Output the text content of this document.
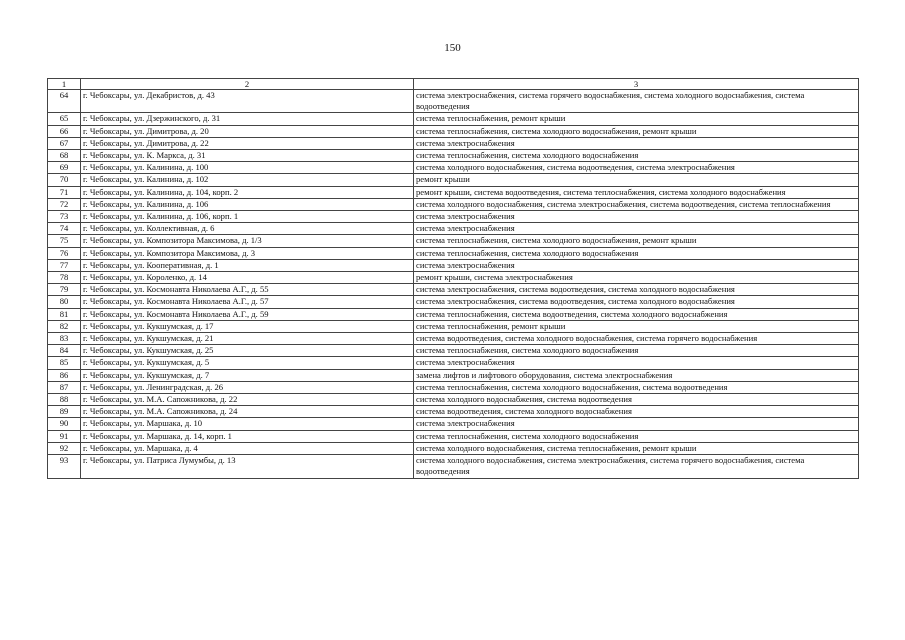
150
1	2	3
64	г. Чебоксары, ул. Декабристов, д. 43	система электроснабжения, система горячего водоснабжения, система холодного водоснабжения, система водоотведения
65	г. Чебоксары, ул. Дзержинского, д. 31	система теплоснабжения, ремонт крыши
66	г. Чебоксары, ул. Димитрова, д. 20	система теплоснабжения, система холодного водоснабжения, ремонт крыши
67	г. Чебоксары, ул. Димитрова, д. 22	система электроснабжения
68	г. Чебоксары, ул. К. Маркса, д. 31	система теплоснабжения, система холодного водоснабжения
69	г. Чебоксары, ул. Калинина, д. 100	система холодного водоснабжения, система водоотведения, система электроснабжения
70	г. Чебоксары, ул. Калинина, д. 102	ремонт крыши
71	г. Чебоксары, ул. Калинина, д. 104, корп. 2	ремонт крыши, система водоотведения, система теплоснабжения, система холодного водоснабжения
72	г. Чебоксары, ул. Калинина, д. 106	система холодного водоснабжения, система электроснабжения, система водоотведения, система теплоснабжения
73	г. Чебоксары, ул. Калинина, д. 106, корп. 1	система электроснабжения
74	г. Чебоксары, ул. Коллективная, д. 6	система электроснабжения
75	г. Чебоксары, ул. Композитора Максимова, д. 1/3	система теплоснабжения, система холодного водоснабжения, ремонт крыши
76	г. Чебоксары, ул. Композитора Максимова, д. 3	система теплоснабжения, система холодного водоснабжения
77	г. Чебоксары, ул. Кооперативная, д. 1	система электроснабжения
78	г. Чебоксары, ул. Короленко, д. 14	ремонт крыши, система электроснабжения
79	г. Чебоксары, ул. Космонавта Николаева А.Г., д. 55	система электроснабжения, система водоотведения, система холодного водоснабжения
80	г. Чебоксары, ул. Космонавта Николаева А.Г., д. 57	система электроснабжения, система водоотведения, система холодного водоснабжения
81	г. Чебоксары, ул. Космонавта Николаева А.Г., д. 59	система теплоснабжения, система водоотведения, система холодного водоснабжения
82	г. Чебоксары, ул. Кукшумская, д. 17	система теплоснабжения, ремонт крыши
83	г. Чебоксары, ул. Кукшумская, д. 21	система водоотведения, система холодного водоснабжения, система горячего водоснабжения
84	г. Чебоксары, ул. Кукшумская, д. 25	система теплоснабжения, система холодного водоснабжения
85	г. Чебоксары, ул. Кукшумская, д. 5	система электроснабжения
86	г. Чебоксары, ул. Кукшумская, д. 7	замена лифтов и лифтового оборудования, система электроснабжения
87	г. Чебоксары, ул. Ленинградская, д. 26	система теплоснабжения, система холодного водоснабжения, система водоотведения
88	г. Чебоксары, ул. М.А. Сапожникова, д. 22	система холодного водоснабжения, система водоотведения
89	г. Чебоксары, ул. М.А. Сапожникова, д. 24	система водоотведения, система холодного водоснабжения
90	г. Чебоксары, ул. Маршака, д. 10	система электроснабжения
91	г. Чебоксары, ул. Маршака, д. 14, корп. 1	система теплоснабжения, система холодного водоснабжения
92	г. Чебоксары, ул. Маршака, д. 4	система холодного водоснабжения, система теплоснабжения, ремонт крыши
93	г. Чебоксары, ул. Патриса Лумумбы, д. 13	система холодного водоснабжения, система электроснабжения, система горячего водоснабжения, система водоотведения
